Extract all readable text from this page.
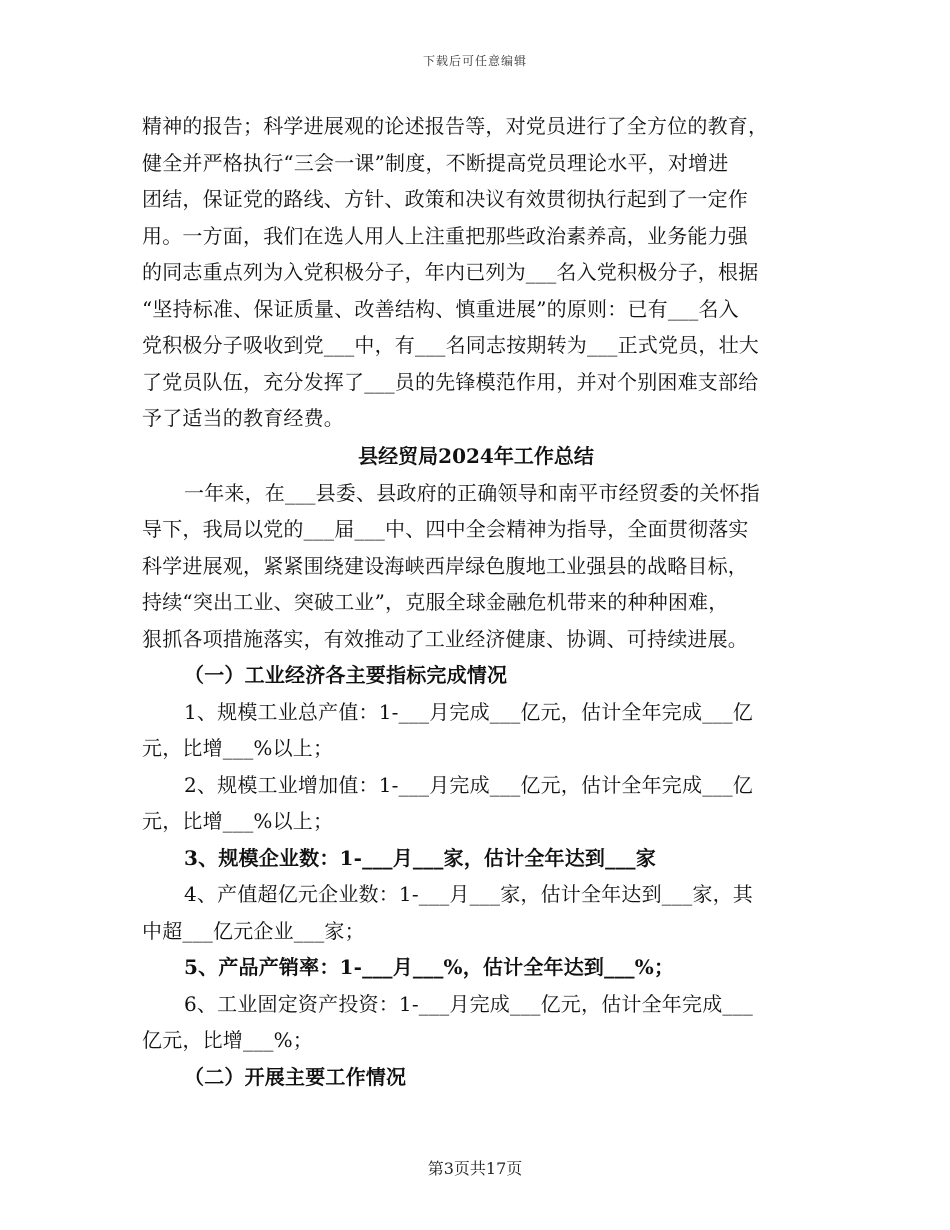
下载后可任意编辑
精神的报告；科学进展观的论述报告等，对党员进行了全方位的教育，
健全并严格执行“三会一课”制度，不断提高党员理论水平，对增进
团结，保证党的路线、方针、政策和决议有效贯彻执行起到了一定作
用。一方面，我们在选人用人上注重把那些政治素养高，业务能力强
的同志重点列为入党积极分子，年内已列为___名入党积极分子，根据
“坚持标准、保证质量、改善结构、慎重进展”的原则：已有___名入
党积极分子吸收到党___中，有___名同志按期转为___正式党员，壮大
了党员队伍，充分发挥了___员的先锋模范作用，并对个别困难支部给
予了适当的教育经费。
县经贸局2024年工作总结
一年来，在___县委、县政府的正确领导和南平市经贸委的关怀指
导下，我局以党的___届___中、四中全会精神为指导，全面贯彻落实
科学进展观，紧紧围绕建设海峡西岸绿色腹地工业强县的战略目标，
持续“突出工业、突破工业”，克服全球金融危机带来的种种困难，
狠抓各项措施落实，有效推动了工业经济健康、协调、可持续进展。
（一）工业经济各主要指标完成情况
1、规模工业总产值：1-___月完成___亿元，估计全年完成___亿
元，比增___%以上；
2、规模工业增加值：1-___月完成___亿元，估计全年完成___亿
元，比增___%以上；
3、规模企业数：1-___月___家，估计全年达到___家
4、产值超亿元企业数：1-___月___家，估计全年达到___家，其
中超___亿元企业___家；
5、产品产销率：1-___月___%，估计全年达到___%；
6、工业固定资产投资：1-___月完成___亿元，估计全年完成___
亿元，比增___%；
（二）开展主要工作情况
第3页共17页
